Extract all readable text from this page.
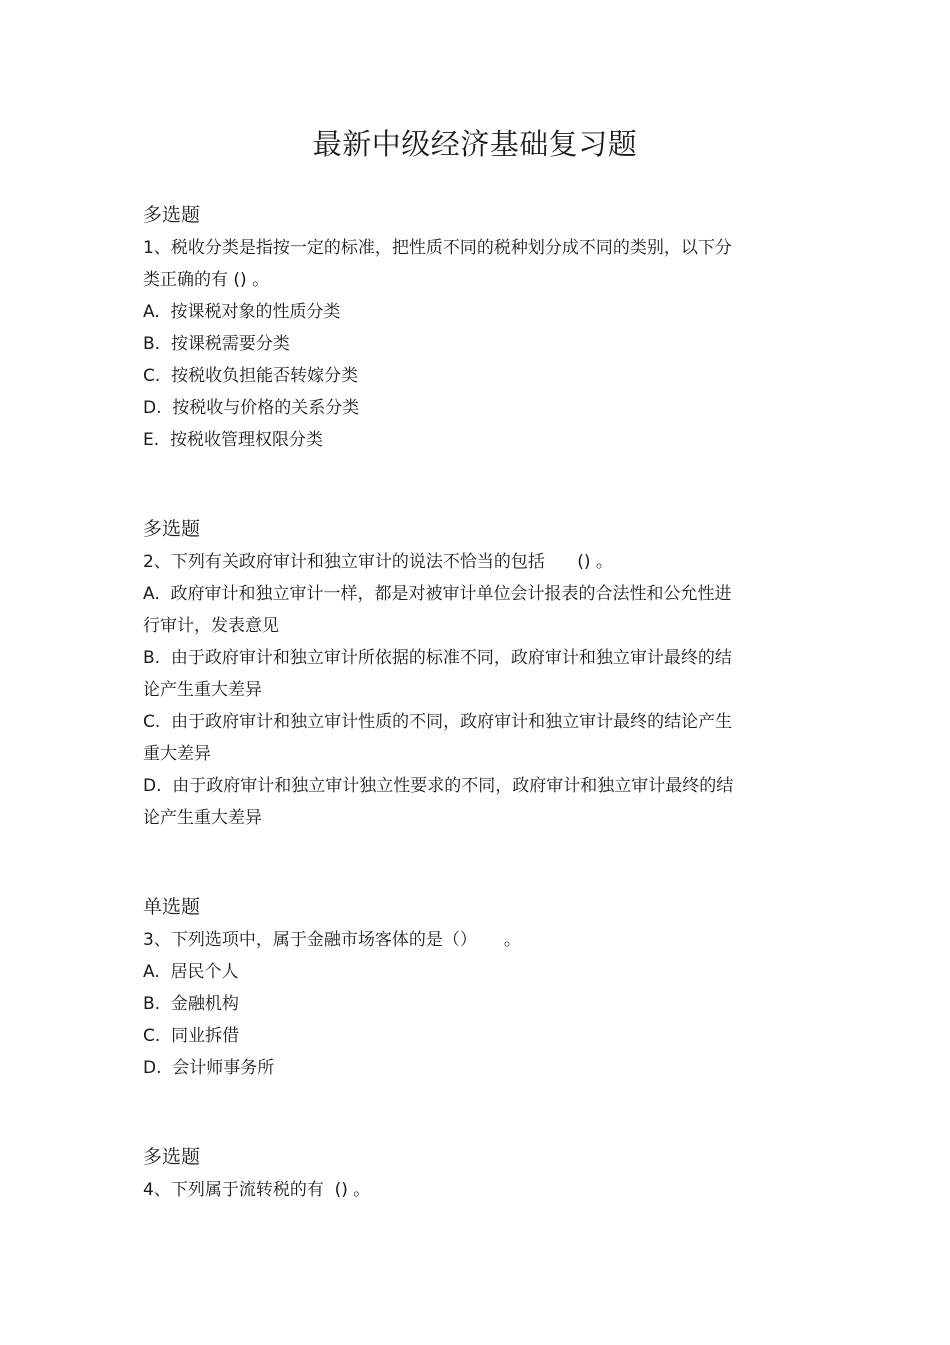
最新中级经济基础复习题

多选题

1、税收分类是指按一定的标准，把性质不同的税种划分成不同的类别，以下分

类正确的有 () 。

A.  按课税对象的性质分类

B.  按课税需要分类

C.  按税收负担能否转嫁分类

D.  按税收与价格的关系分类

E.  按税收管理权限分类

多选题

2、下列有关政府审计和独立审计的说法不恰当的包括      () 。

A.  政府审计和独立审计一样，都是对被审计单位会计报表的合法性和公允性进

行审计，发表意见

B.  由于政府审计和独立审计所依据的标准不同，政府审计和独立审计最终的结

论产生重大差异

C.  由于政府审计和独立审计性质的不同，政府审计和独立审计最终的结论产生

重大差异

D.  由于政府审计和独立审计独立性要求的不同，政府审计和独立审计最终的结

论产生重大差异

单选题

3、下列选项中，属于金融市场客体的是（）     。

A.  居民个人

B.  金融机构

C.  同业拆借

D.  会计师事务所

多选题

4、下列属于流转税的有  () 。
